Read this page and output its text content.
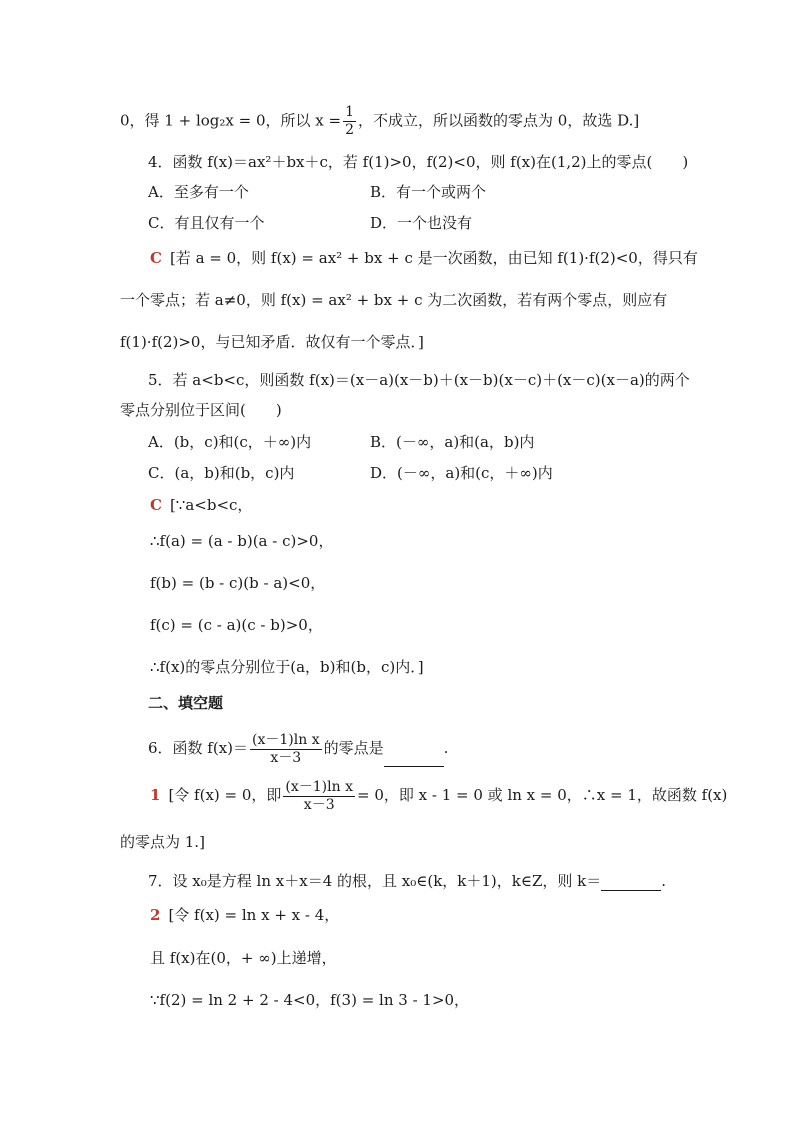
0，得 1 + log₂x = 0，所以 $x = \frac{1}{2}$ ，不成立，所以函数的零点为 0，故选 D.]
4．函数 f(x)＝ax²＋bx＋c，若 f(1)>0，f(2)<0，则 f(x)在(1,2)上的零点(　　)
A．至多有一个	B．有一个或两个
C．有且仅有一个	D．一个也没有
C [若 a = 0，则 f(x) = ax² + bx + c 是一次函数，由已知 f(1)·f(2)<0，得只有
一个零点；若 a≠0，则 f(x) = ax² + bx + c 为二次函数，若有两个零点，则应有
f(1)·f(2)>0，与已知矛盾．故仅有一个零点．]
5．若 a<b<c，则函数 f(x)＝(x－a)(x－b)＋(x－b)(x－c)＋(x－c)(x－a)的两个
零点分别位于区间(　　)
A．(b，c)和(c，＋∞)内	B．(－∞，a)和(a，b)内
C．(a，b)和(b，c)内	D．(－∞，a)和(c，＋∞)内
C [∵a<b<c，
∴f(a) = (a - b)(a - c)>0，
f(b) = (b - c)(b - a)<0，
f(c) = (c - a)(c - b)>0，
∴f(x)的零点分别位于(a，b)和(b，c)内．]
二、填空题
6．函数 $f(x)= \frac{\text{(x－1)ln x}}{x-3}$ 的零点是	.
1 [令 f(x) = 0，即 $\frac{\text{(x－1)ln x}}{x-3} = 0$，即 x - 1 = 0 或 ln x = 0，∴x = 1，故函数 f(x)
的零点为 1.]
7．设 x₀是方程 ln x＋x＝4 的根，且 x₀∈(k，k＋1)，k∈Z，则 k＝	.
2 [令 f(x) = ln x + x - 4，
且 f(x)在(0，+ ∞)上递增，
∵f(2) = ln 2 + 2 - 4<0，f(3) = ln 3 - 1>0，
